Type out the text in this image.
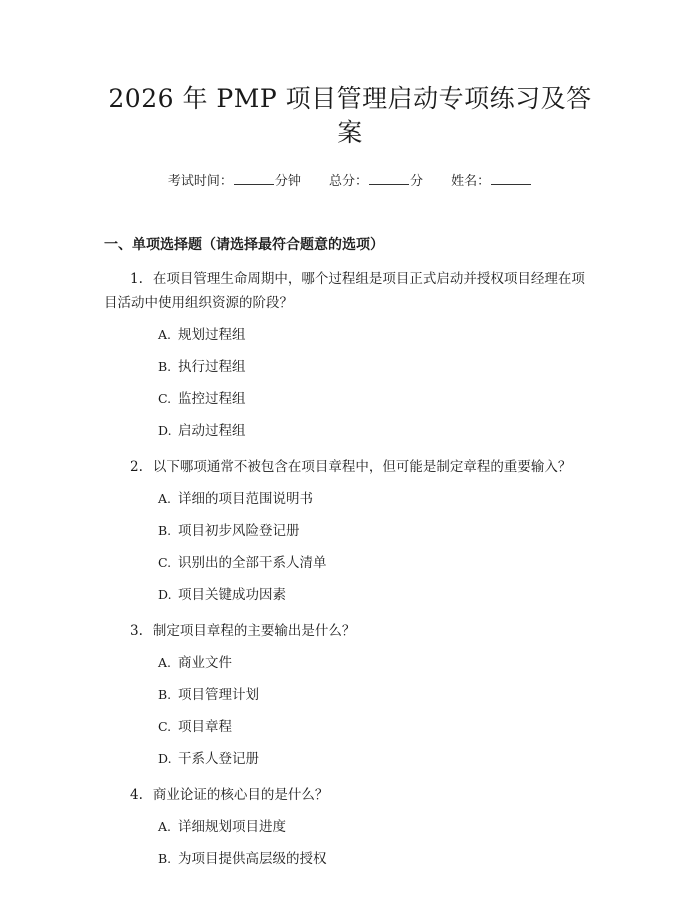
2026 年 PMP 项目管理启动专项练习及答案
考试时间：	分钟 总分：	分 姓名：
一、单项选择题（请选择最符合题意的选项）
1. 在项目管理生命周期中，哪个过程组是项目正式启动并授权项目经理在项目活动中使用组织资源的阶段？
A. 规划过程组
B. 执行过程组
C. 监控过程组
D. 启动过程组
2. 以下哪项通常不被包含在项目章程中，但可能是制定章程的重要输入？
A. 详细的项目范围说明书
B. 项目初步风险登记册
C. 识别出的全部干系人清单
D. 项目关键成功因素
3. 制定项目章程的主要输出是什么？
A. 商业文件
B. 项目管理计划
C. 项目章程
D. 干系人登记册
4. 商业论证的核心目的是什么？
A. 详细规划项目进度
B. 为项目提供高层级的授权
